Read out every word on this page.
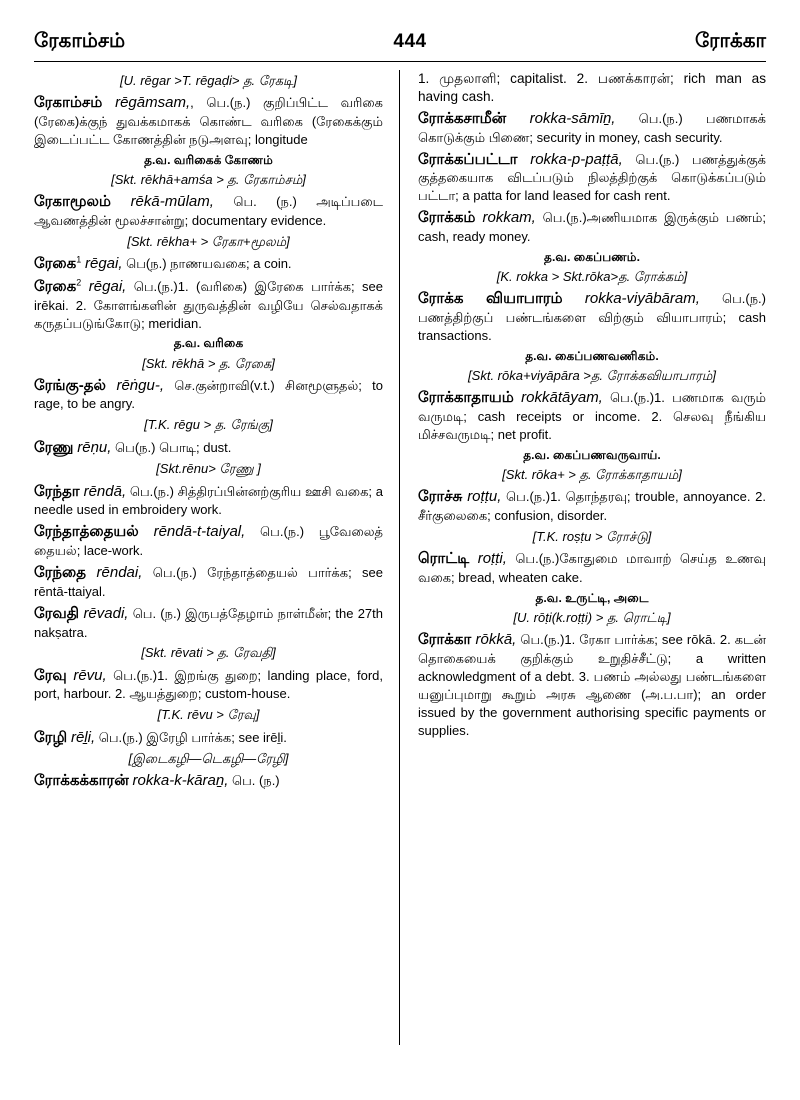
ரேகாம்சம்	444	ரோக்கா
[U. rēgar >T. rēgaḍi> த. ரேகடி]
ரேகாம்சம் rēgāmsam,, பெ.(ந.) குறிப்பிட்ட வரிகை (ரேகை)க்குந் துவக்கமாகக் கொண்ட வரிகை (ரேகைக்கும் இடைப்பட்ட கோணத்தின் நடுஅளவு; longitude
த.வ. வரிகைக் கோணம்
[Skt. rēkhā+amśa > த. ரேகாம்சம்]
ரேகாமூலம் rēkā-mūlam, பெ. (ந.) அடிப்படை ஆவணத்தின் மூலச்சான்று; documentary evidence.
[Skt. rēkha+ > ரேகா+மூலம்]
ரேகை$^1$ rēgai, பெ(ந.) நாணயவகை; a coin.
ரேகை$^2$ rēgai, பெ.(ந.)1. (வரிகை) இரேகை பார்க்க; see irēkai. 2. கோளங்களின் துருவத்தின் வழியே செல்வதாகக் கருதப்படுங்கோடு; meridian.
த.வ. வரிகை
[Skt. rēkhā > த. ரேகை]
ரேங்கு-தல் rēṅgu-, செ.குன்றாவி(v.t.) சினமூளுதல்; to rage, to be angry.
[T.K. rēgu > த. ரேங்கு]
ரேணு rēṇu, பெ(ந.) பொடி; dust.
[Skt.rēnu> ரேணு ]
ரேந்தா rēndā, பெ.(ந.) சித்திரப்பின்னற்குரிய ஊசி வகை; a needle used in embroidery work.
ரேந்தாத்தையல் rēndā-t-taiyal, பெ.(ந.) பூவேலைத் தையல்; lace-work.
ரேந்தை rēndai, பெ.(ந.) ரேந்தாத்தையல் பார்க்க; see rēntā-ttaiyal.
ரேவதி rēvadi, பெ. (ந.) இருபத்தேழாம் நாள்மீன்; the 27th nakṣatra.
[Skt. rēvati > த. ரேவதி]
ரேவு rēvu, பெ.(ந.)1. இறங்கு துறை; landing place, ford, port, harbour. 2. ஆயத்துறை; custom-house.
[T.K. rēvu > ரேவு]
ரேழி rēḻi, பெ.(ந.) இரேழி பார்க்க; see irēḻi.
[இடைகழி—டெகழி—ரேழி]
ரோக்கக்காரன் rokka-k-kāraṉ, பெ. (ந.)
1. முதலாளி; capitalist. 2. பணக்காரன்; rich man as having cash.
ரோக்கசாமீன் rokka-sāmīṉ, பெ.(ந.) பணமாகக் கொடுக்கும் பிணை; security in money, cash security.
ரோக்கப்பட்டா rokka-p-paṭṭā, பெ.(ந.) பணத்துக்குக் குத்தகையாக விடப்படும் நிலத்திற்குக் கொடுக்கப்படும் பட்டா; a patta for land leased for cash rent.
ரோக்கம் rokkam, பெ.(ந.)அணியமாக இருக்கும் பணம்; cash, ready money.
த.வ. கைப்பணம்.
[K. rokka > Skt.rōka>த. ரோக்கம்]
ரோக்க வியாபாரம் rokka-viyābāram, பெ.(ந.) பணத்திற்குப் பண்டங்களை விற்கும் வியாபாரம்; cash transactions.
த.வ. கைப்பணவணிகம்.
[Skt. rōka+viyāpāra >த. ரோக்கவியாபாரம்]
ரோக்காதாயம் rokkātāyam, பெ.(ந.)1. பணமாக வரும் வருமடி; cash receipts or income. 2. செலவு நீங்கிய மிச்சவருமடி; net profit.
த.வ. கைப்பணவருவாய்.
[Skt. rōka+ > த. ரோக்காதாயம்]
ரோச்சு roṭṭu, பெ.(ந.)1. தொந்தரவு; trouble, annoyance. 2. சீர்குலைகை; confusion, disorder.
[T.K. roṣṭu > ரோச்டு]
ரொட்டி roṭṭi, பெ.(ந.)கோதுமை மாவாற் செய்த உணவு வகை; bread, wheaten cake.
த.வ. உருட்டி, அடை
[U. rōṭi(k.roṭṭi) > த. ரொட்டி]
ரோக்கா rōkkā, பெ.(ந.)1. ரேகா பார்க்க; see rōkā. 2. கடன் தொகையைக் குறிக்கும் உறுதிச்சீட்டு; a written acknowledgment of a debt. 3. பணம் அல்லது பண்டங்களை யனுப்புமாறு கூறும் அரசு ஆணை (அ.ப.பா); an order issued by the government authorising specific payments or supplies.
